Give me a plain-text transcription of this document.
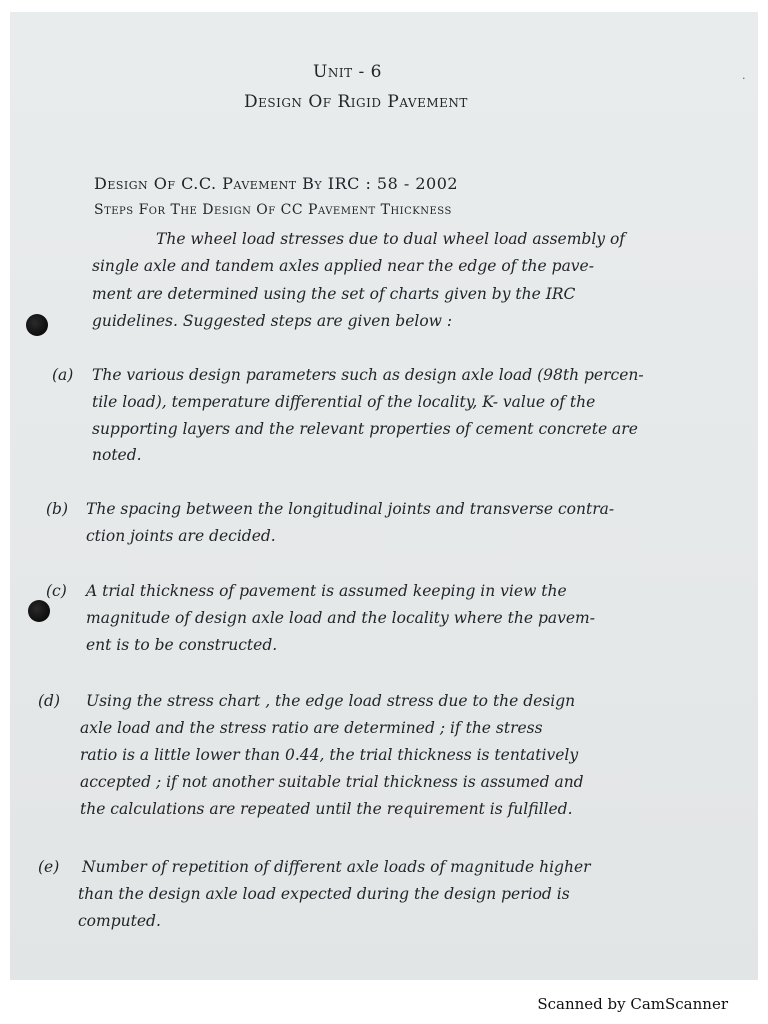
·
Unit - 6
Design Of Rigid Pavement
Design Of C.C. Pavement By IRC : 58 - 2002
Steps For The Design Of CC Pavement Thickness
The wheel load stresses due to dual wheel load assembly of
single axle and tandem axles applied near the edge of the pave-
ment are determined using the set of charts given by the IRC
guidelines. Suggested steps are given below :
(a) The various design parameters such as design axle load (98th percen-
tile load), temperature differential of the locality, K- value of the
supporting layers and the relevant properties of cement concrete are
noted.
(b) The spacing between the longitudinal joints and transverse contra-
ction joints are decided.
(c) A trial thickness of pavement is assumed keeping in view the
magnitude of design axle load and the locality where the pavem-
ent is to be constructed.
(d) Using the stress chart , the edge load stress due to the design
axle load and the stress ratio are determined ; if the stress
ratio is a little lower than 0.44, the trial thickness is tentatively
accepted ; if not another suitable trial thickness is assumed and
the calculations are repeated until the requirement is fulfilled.
(e) Number of repetition of different axle loads of magnitude higher
than the design axle load expected during the design period is
computed.
Scanned by CamScanner
